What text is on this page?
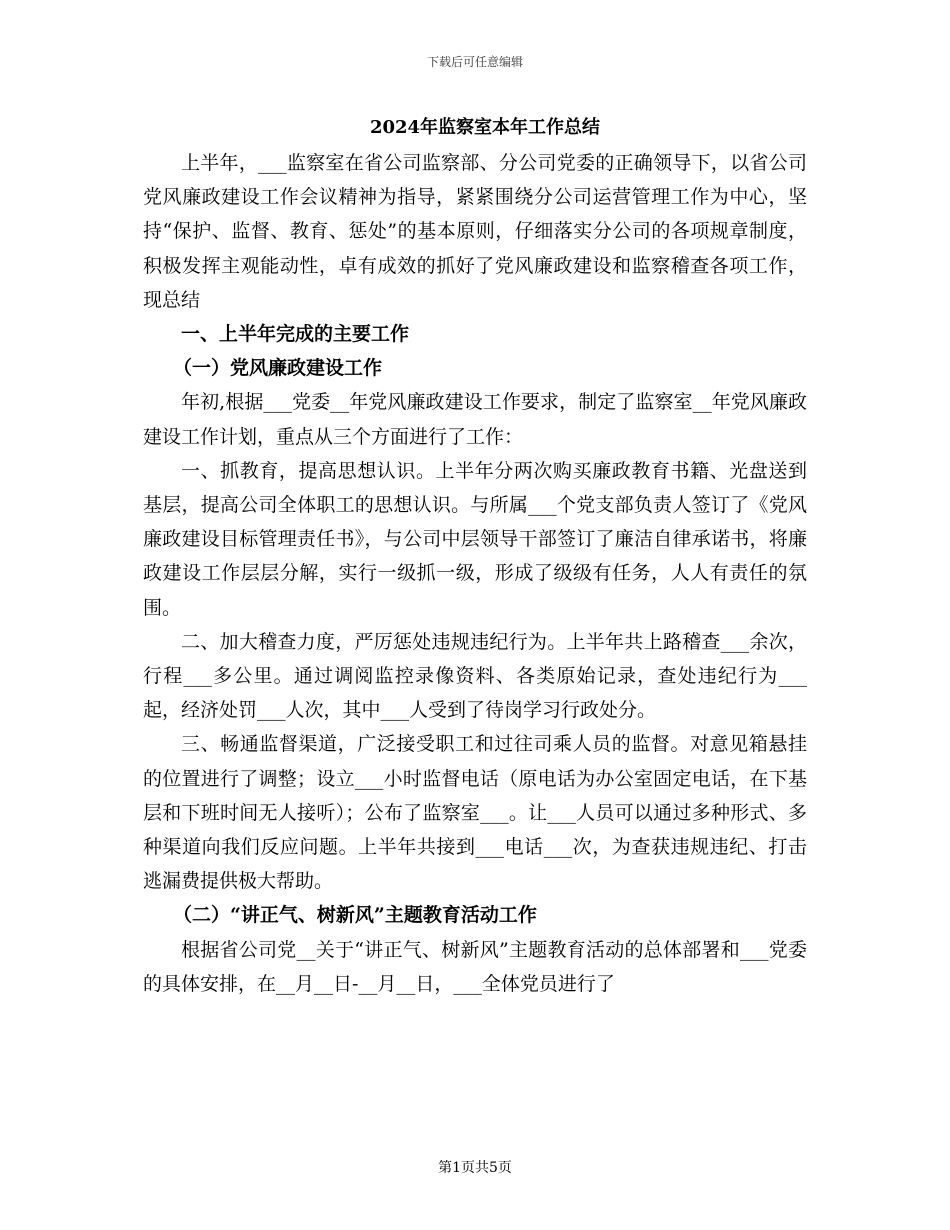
下载后可任意编辑
2024年监察室本年工作总结

上半年，___监察室在省公司监察部、分公司党委的正确领导下，以省公司党风廉政建设工作会议精神为指导，紧紧围绕分公司运营管理工作为中心，坚持“保护、监督、教育、惩处”的基本原则，仔细落实分公司的各项规章制度，积极发挥主观能动性，卓有成效的抓好了党风廉政建设和监察稽查各项工作，现总结

一、上半年完成的主要工作

（一）党风廉政建设工作

年初,根据___党委__年党风廉政建设工作要求，制定了监察室__年党风廉政建设工作计划，重点从三个方面进行了工作：

一、抓教育，提高思想认识。上半年分两次购买廉政教育书籍、光盘送到基层，提高公司全体职工的思想认识。与所属___个党支部负责人签订了《党风廉政建设目标管理责任书》，与公司中层领导干部签订了廉洁自律承诺书，将廉政建设工作层层分解，实行一级抓一级，形成了级级有任务，人人有责任的氛围。

二、加大稽查力度，严厉惩处违规违纪行为。上半年共上路稽查___余次，行程___多公里。通过调阅监控录像资料、各类原始记录，查处违纪行为___起，经济处罚___人次，其中___人受到了待岗学习行政处分。

三、畅通监督渠道，广泛接受职工和过往司乘人员的监督。对意见箱悬挂的位置进行了调整；设立___小时监督电话（原电话为办公室固定电话，在下基层和下班时间无人接听）；公布了监察室___。让___人员可以通过多种形式、多种渠道向我们反应问题。上半年共接到___电话___次，为查获违规违纪、打击逃漏费提供极大帮助。

（二）“讲正气、树新风”主题教育活动工作

根据省公司党__关于“讲正气、树新风”主题教育活动的总体部署和___党委的具体安排，在__月__日-__月__日，___全体党员进行了

第1页共5页
